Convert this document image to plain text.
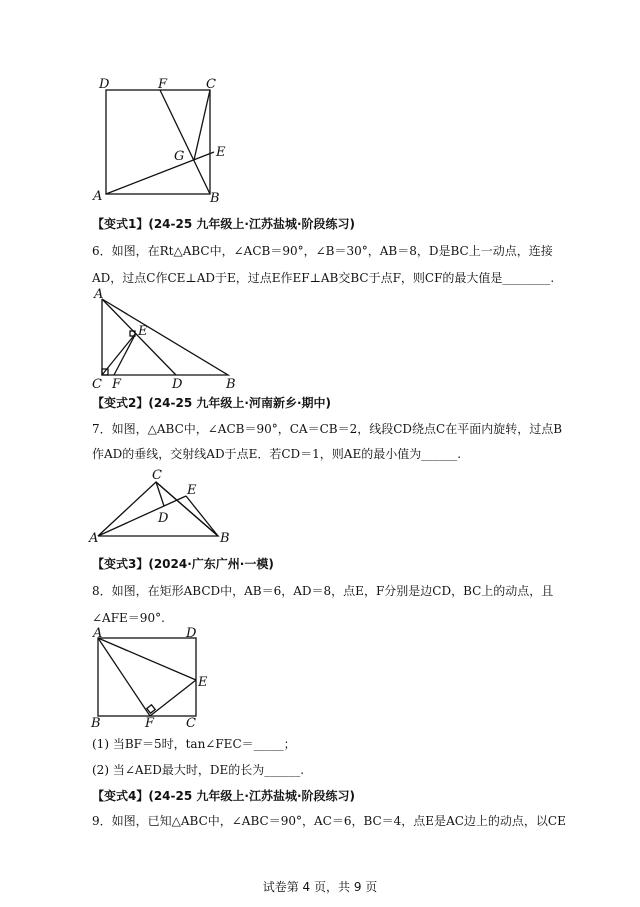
D	F	C
E
G
A	B
【变式1】(24-25 九年级上·江苏盐城·阶段练习)
6．如图，在Rt△ABC中，∠ACB＝90°，∠B＝30°，AB＝8，D是BC上一动点，连接
AD，过点C作CE⊥AD于E，过点E作EF⊥AB交BC于点F，则CF的最大值是________.
A
E
C F	D	B
【变式2】(24-25 九年级上·河南新乡·期中)
7．如图，△ABC中，∠ACB＝90°，CA＝CB＝2，线段CD绕点C在平面内旋转，过点B
作AD的垂线，交射线AD于点E．若CD＝1，则AE的最小值为______.
C
E
D
A	B
【变式3】(2024·广东广州·一模)
8．如图，在矩形ABCD中，AB＝6，AD＝8，点E，F分别是边CD，BC上的动点，且
∠AFE＝90°.
A	D
E
B	F C
(1) 当BF＝5时，tan∠FEC＝_____；
(2) 当∠AED最大时，DE的长为______.
【变式4】(24-25 九年级上·江苏盐城·阶段练习)
9．如图，已知△ABC中，∠ABC＝90°，AC＝6，BC＝4，点E是AC边上的动点，以CE
试卷第 4 页，共 9 页
